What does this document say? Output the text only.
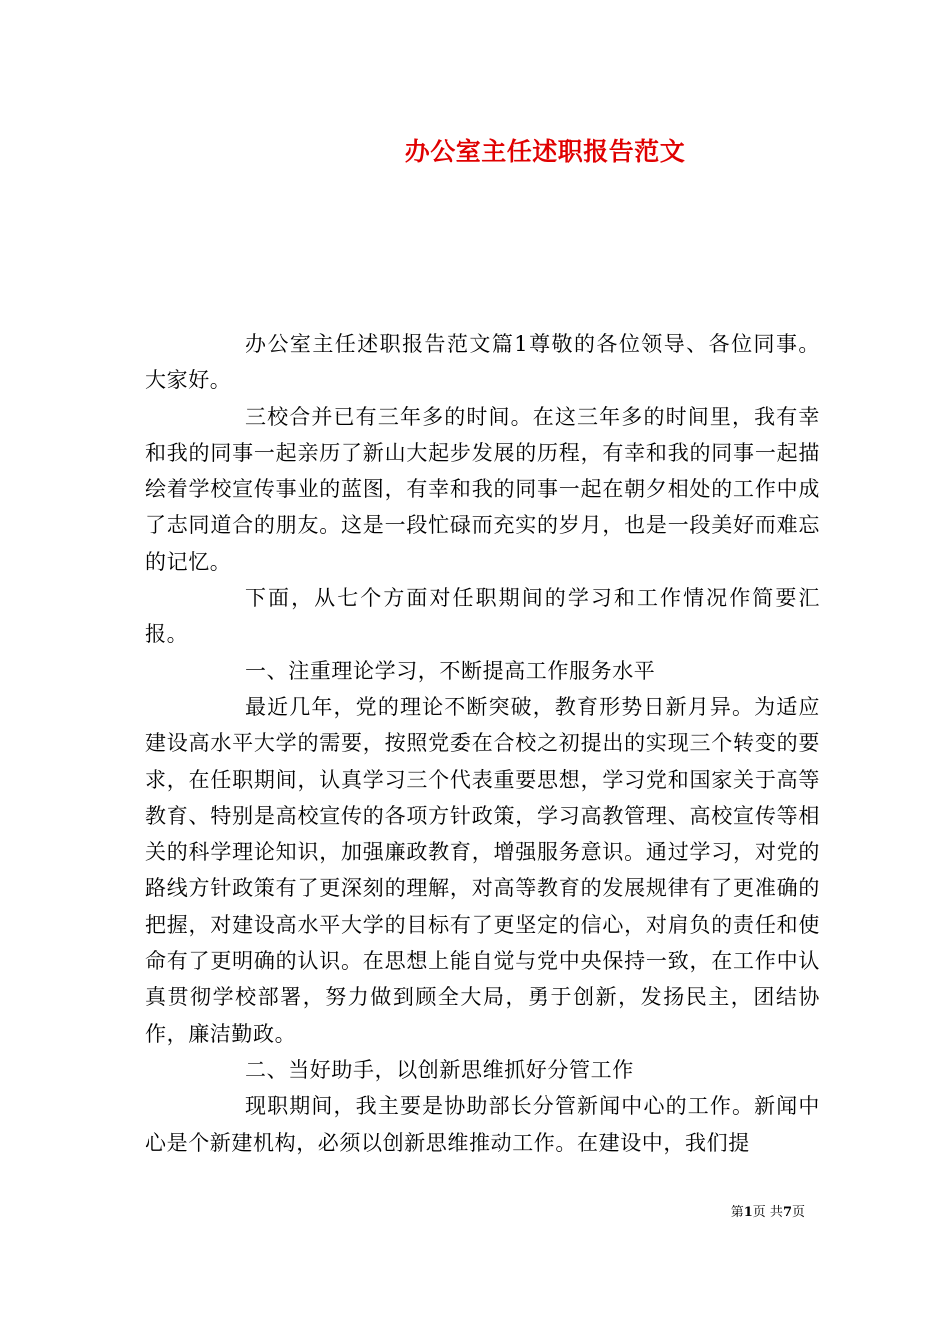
办公室主任述职报告范文

办公室主任述职报告范文篇1尊敬的各位领导、各位同事。大家好。

三校合并已有三年多的时间。在这三年多的时间里，我有幸和我的同事一起亲历了新山大起步发展的历程，有幸和我的同事一起描绘着学校宣传事业的蓝图，有幸和我的同事一起在朝夕相处的工作中成了志同道合的朋友。这是一段忙碌而充实的岁月，也是一段美好而难忘的记忆。

下面，从七个方面对任职期间的学习和工作情况作简要汇报。

一、注重理论学习，不断提高工作服务水平

最近几年，党的理论不断突破，教育形势日新月异。为适应建设高水平大学的需要，按照党委在合校之初提出的实现三个转变的要求，在任职期间，认真学习三个代表重要思想，学习党和国家关于高等教育、特别是高校宣传的各项方针政策，学习高教管理、高校宣传等相关的科学理论知识，加强廉政教育，增强服务意识。通过学习，对党的路线方针政策有了更深刻的理解，对高等教育的发展规律有了更准确的把握，对建设高水平大学的目标有了更坚定的信心，对肩负的责任和使命有了更明确的认识。在思想上能自觉与党中央保持一致，在工作中认真贯彻学校部署，努力做到顾全大局，勇于创新，发扬民主，团结协作，廉洁勤政。

二、当好助手，以创新思维抓好分管工作

现职期间，我主要是协助部长分管新闻中心的工作。新闻中心是个新建机构，必须以创新思维推动工作。在建设中，我们提

第1页 共7页
